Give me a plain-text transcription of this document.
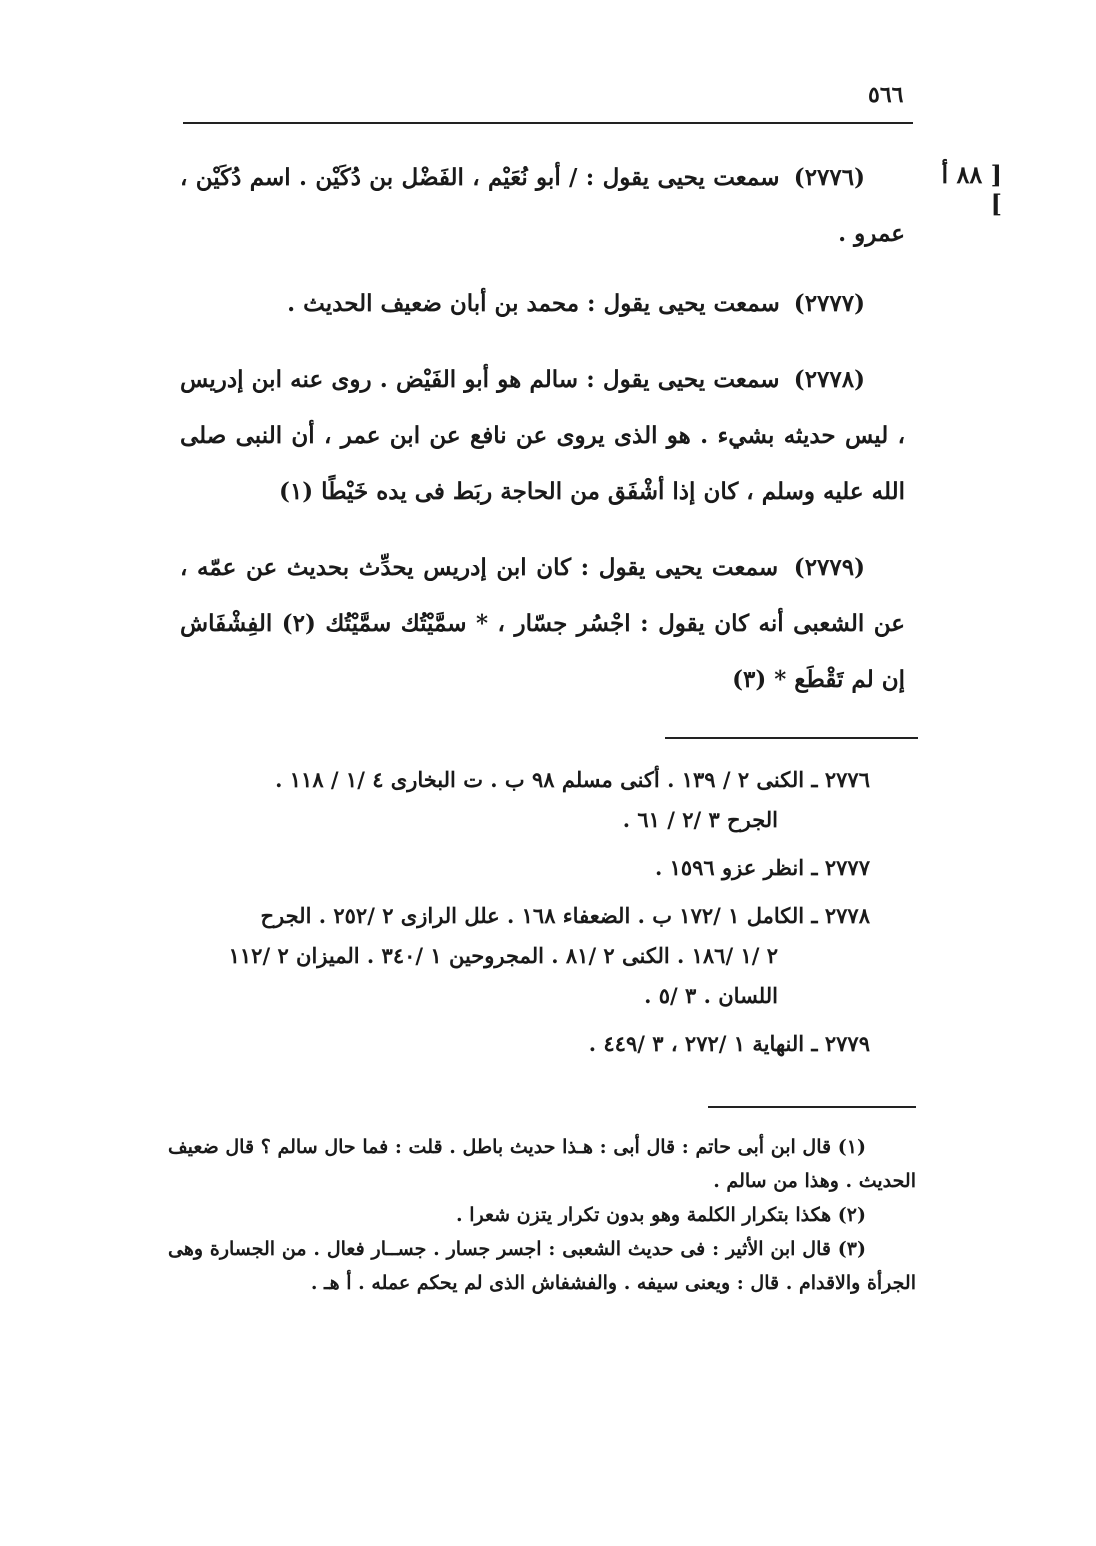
٥٦٦
[ ٨٨ أ ]
(٢٧٧٦) سمعت يحيى يقول : / أبو نُعَيْم ، الفَضْل بن دُكَيْن . اسم دُكَيْن ، عمرو .
(٢٧٧٧) سمعت يحيى يقول : محمد بن أبان ضعيف الحديث .
(٢٧٧٨) سمعت يحيى يقول : سالم هو أبو الفَيْض . روى عنه ابن إدريس ، ليس حديثه بشيء . هو الذى يروى عن نافع عن ابن عمر ، أن النبى صلى الله عليه وسلم ، كان إذا أشْفَق من الحاجة ربَط فى يده خَيْطًا (١)
(٢٧٧٩) سمعت يحيى يقول : كان ابن إدريس يحدِّث بحديث عن عمّه ، عن الشعبى أنه كان يقول : اجْسُر جسّار ، * سمَّيْتُك سمَّيْتُك (٢) الفِشْفَاش إن لم تَقْطَع * (٣)
٢٧٧٦ ـ الكنى ٢ / ١٣٩ . أكنى مسلم ٩٨ ب . ت البخارى ٤ /١ / ١١٨ .
الجرح ٣ /٢ / ٦١ .
٢٧٧٧ ـ انظر عزو ١٥٩٦ .
٢٧٧٨ ـ الكامل ١ /١٧٢ ب . الضعفاء ١٦٨ . علل الرازى ٢ /٢٥٢ . الجرح
٢ /١ /١٨٦ . الكنى ٢ /٨١ . المجروحين ١ /٣٤٠ . الميزان ٢ /١١٢ اللسان . ٣ /٥ .
٢٧٧٩ ـ النهاية ١ /٢٧٢ ، ٣ /٤٤٩ .

(١) قال ابن أبى حاتم : قال أبى : هـذا حديث باطل . قلت : فما حال سالم ؟ قال ضعيف الحديث . وهذا من سالم .

(٢) هكذا بتكرار الكلمة وهو بدون تكرار يتزن شعرا .

(٣) قال ابن الأثير : فى حديث الشعبى : اجسر جسار . جســار فعال . من الجسارة وهى الجرأة والاقدام . قال : ويعنى سيفه . والفشفاش الذى لم يحكم عمله . أ هـ .
